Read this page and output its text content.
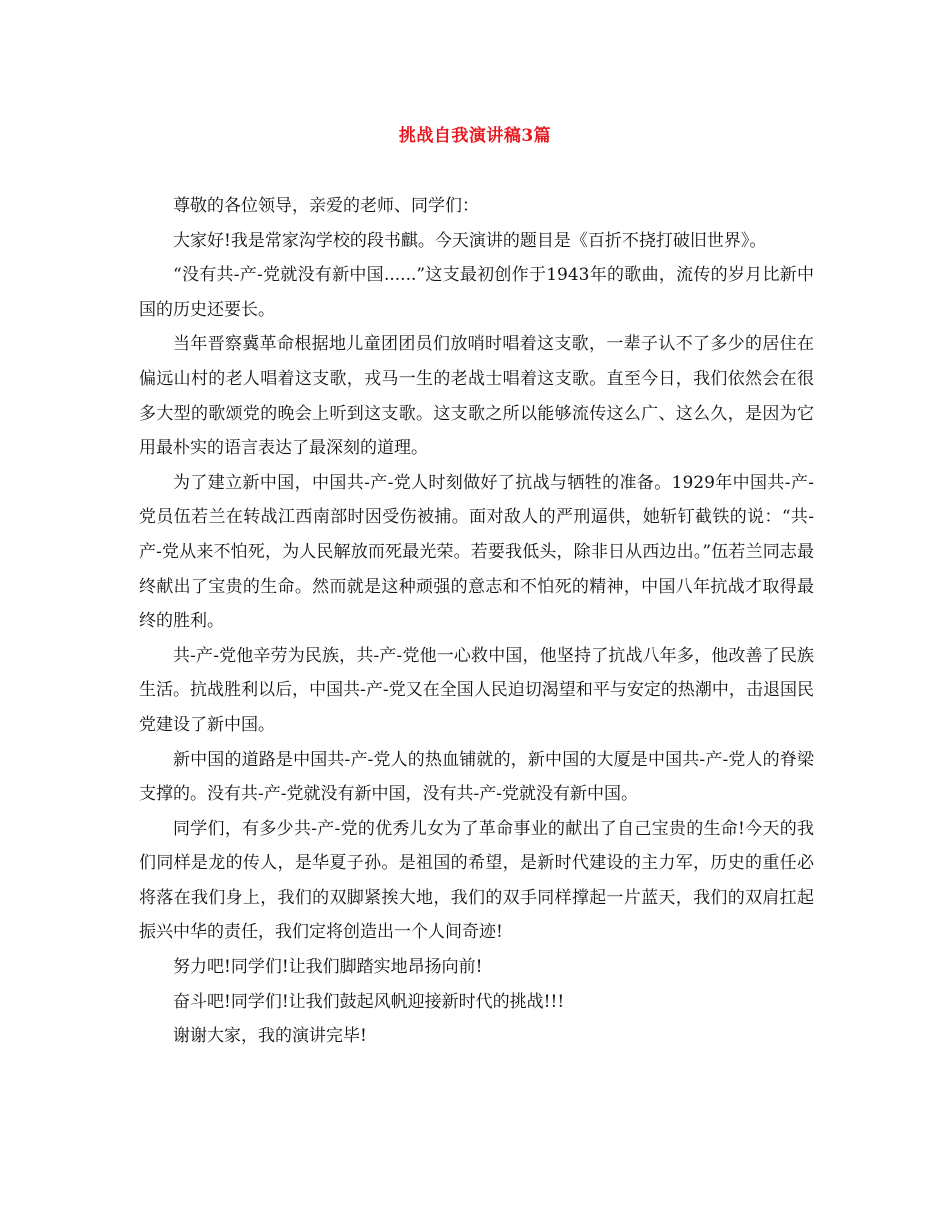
挑战自我演讲稿3篇

尊敬的各位领导，亲爱的老师、同学们：

大家好!我是常家沟学校的段书麒。今天演讲的题目是《百折不挠打破旧世界》。

“没有共-产-党就没有新中国......”这支最初创作于1943年的歌曲，流传的岁月比新中国的历史还要长。

当年晋察冀革命根据地儿童团团员们放哨时唱着这支歌，一辈子认不了多少的居住在偏远山村的老人唱着这支歌，戎马一生的老战士唱着这支歌。直至今日，我们依然会在很多大型的歌颂党的晚会上听到这支歌。这支歌之所以能够流传这么广、这么久，是因为它用最朴实的语言表达了最深刻的道理。

为了建立新中国，中国共-产-党人时刻做好了抗战与牺牲的准备。1929年中国共-产-党员伍若兰在转战江西南部时因受伤被捕。面对敌人的严刑逼供，她斩钉截铁的说：“共-产-党从来不怕死，为人民解放而死最光荣。若要我低头，除非日从西边出。”伍若兰同志最终献出了宝贵的生命。然而就是这种顽强的意志和不怕死的精神，中国八年抗战才取得最终的胜利。

共-产-党他辛劳为民族，共-产-党他一心救中国，他坚持了抗战八年多，他改善了民族生活。抗战胜利以后，中国共-产-党又在全国人民迫切渴望和平与安定的热潮中，击退国民党建设了新中国。

新中国的道路是中国共-产-党人的热血铺就的，新中国的大厦是中国共-产-党人的脊梁支撑的。没有共-产-党就没有新中国，没有共-产-党就没有新中国。

同学们，有多少共-产-党的优秀儿女为了革命事业的献出了自己宝贵的生命!今天的我们同样是龙的传人，是华夏子孙。是祖国的希望，是新时代建设的主力军，历史的重任必将落在我们身上，我们的双脚紧挨大地，我们的双手同样撑起一片蓝天，我们的双肩扛起振兴中华的责任，我们定将创造出一个人间奇迹!

努力吧!同学们!让我们脚踏实地昂扬向前!

奋斗吧!同学们!让我们鼓起风帆迎接新时代的挑战!!!

谢谢大家，我的演讲完毕!
